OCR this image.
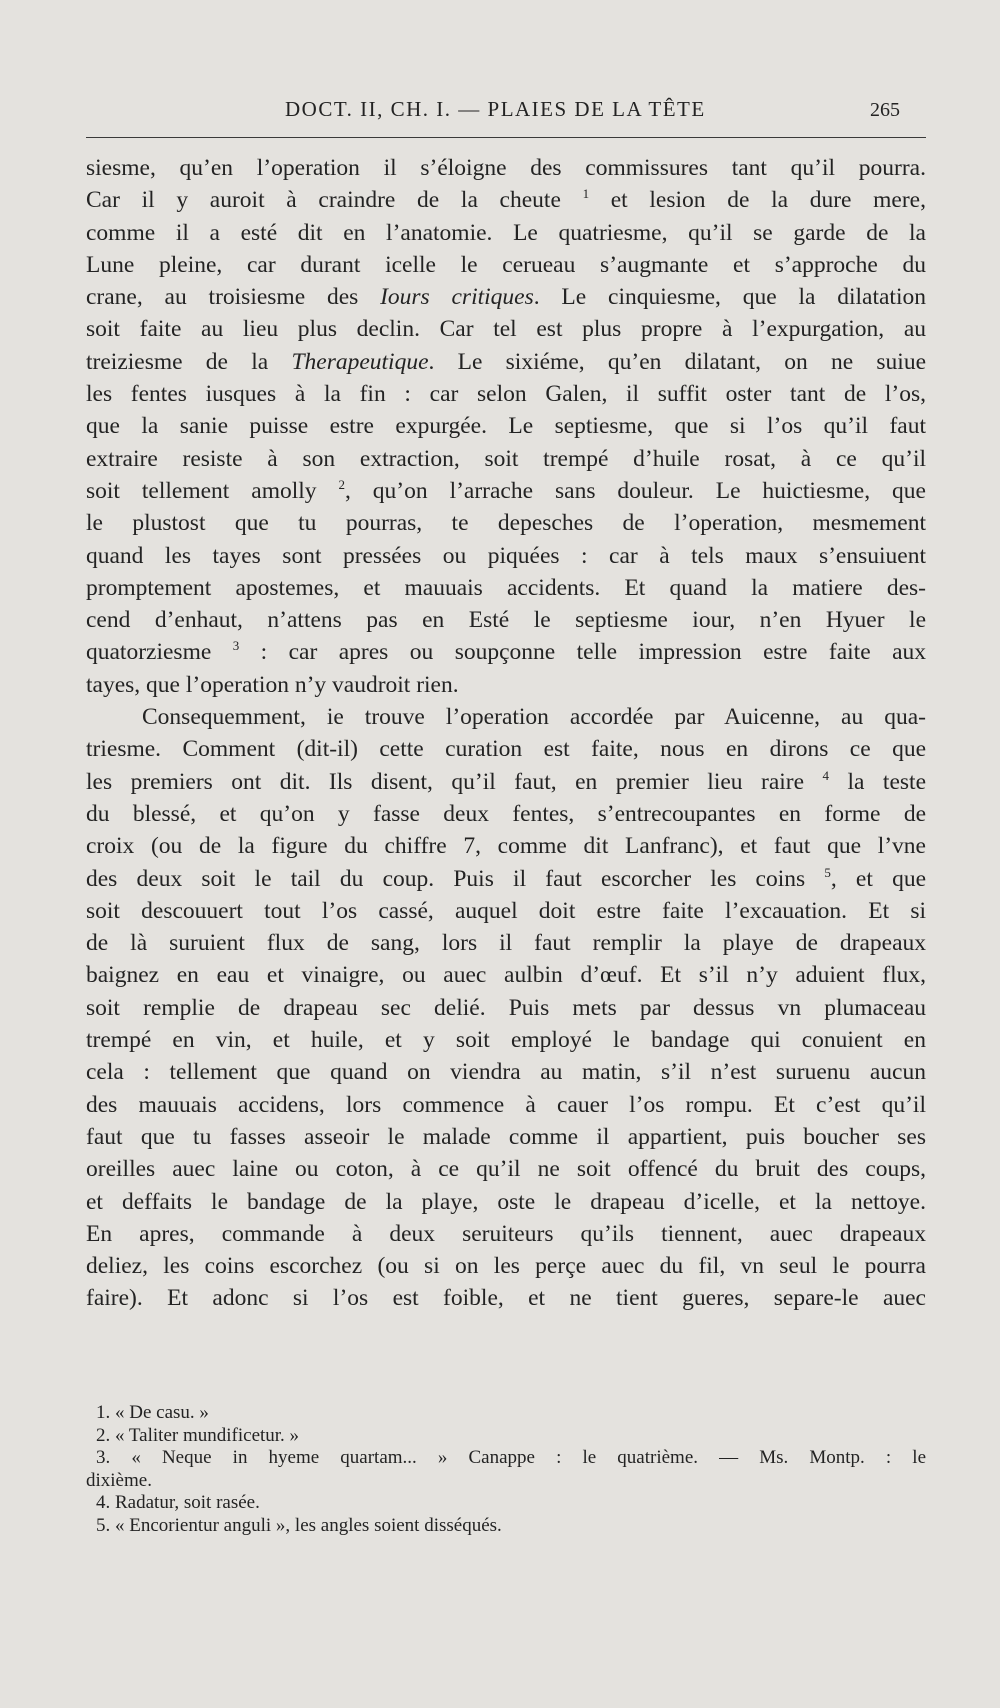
DOCT. II, CH. I. — PLAIES DE LA TÊTE	265
siesme, qu’en l’operation il s’éloigne des commissures tant qu’il pourra.
Car il y auroit à craindre de la cheute $^1$ et lesion de la dure mere,
comme il a esté dit en l’anatomie. Le quatriesme, qu’il se garde de la
Lune pleine, car durant icelle le cerueau s’augmante et s’approche du
crane, au troisiesme des Iours critiques. Le cinquiesme, que la dilatation
soit faite au lieu plus declin. Car tel est plus propre à l’expurgation, au
treiziesme de la Therapeutique. Le sixiéme, qu’en dilatant, on ne suiue
les fentes iusques à la fin : car selon Galen, il suffit oster tant de l’os,
que la sanie puisse estre expurgée. Le septiesme, que si l’os qu’il faut
extraire resiste à son extraction, soit trempé d’huile rosat, à ce qu’il
soit tellement amolly $^2$, qu’on l’arrache sans douleur. Le huictiesme, que
le plustost que tu pourras, te depesches de l’operation, mesmement
quand les tayes sont pressées ou piquées : car à tels maux s’ensuiuent
promptement apostemes, et mauuais accidents. Et quand la matiere des-
cend d’enhaut, n’attens pas en Esté le septiesme iour, n’en Hyuer le
quatorziesme $^3$ : car apres ou soupçonne telle impression estre faite aux
tayes, que l’operation n’y vaudroit rien.
Consequemment, ie trouve l’operation accordée par Auicenne, au qua-
triesme. Comment (dit-il) cette curation est faite, nous en dirons ce que
les premiers ont dit. Ils disent, qu’il faut, en premier lieu raire $^4$ la teste
du blessé, et qu’on y fasse deux fentes, s’entrecoupantes en forme de
croix (ou de la figure du chiffre 7, comme dit Lanfranc), et faut que l’vne
des deux soit le tail du coup. Puis il faut escorcher les coins $^5$, et que
soit descouuert tout l’os cassé, auquel doit estre faite l’excauation. Et si
de là suruient flux de sang, lors il faut remplir la playe de drapeaux
baignez en eau et vinaigre, ou auec aulbin d’œuf. Et s’il n’y aduient flux,
soit remplie de drapeau sec delié. Puis mets par dessus vn plumaceau
trempé en vin, et huile, et y soit employé le bandage qui conuient en
cela : tellement que quand on viendra au matin, s’il n’est suruenu aucun
des mauuais accidens, lors commence à cauer l’os rompu. Et c’est qu’il
faut que tu fasses asseoir le malade comme il appartient, puis boucher ses
oreilles auec laine ou coton, à ce qu’il ne soit offencé du bruit des coups,
et deffaits le bandage de la playe, oste le drapeau d’icelle, et la nettoye.
En apres, commande à deux seruiteurs qu’ils tiennent, auec drapeaux
deliez, les coins escorchez (ou si on les perçe auec du fil, vn seul le pourra
faire). Et adonc si l’os est foible, et ne tient gueres, separe-le auec
1. « De casu. »
2. « Taliter mundificetur. »
3. « Neque in hyeme quartam... » Canappe : le quatrième. — Ms. Montp. : le
dixième.
4. Radatur, soit rasée.
5. « Encorientur anguli », les angles soient disséqués.
